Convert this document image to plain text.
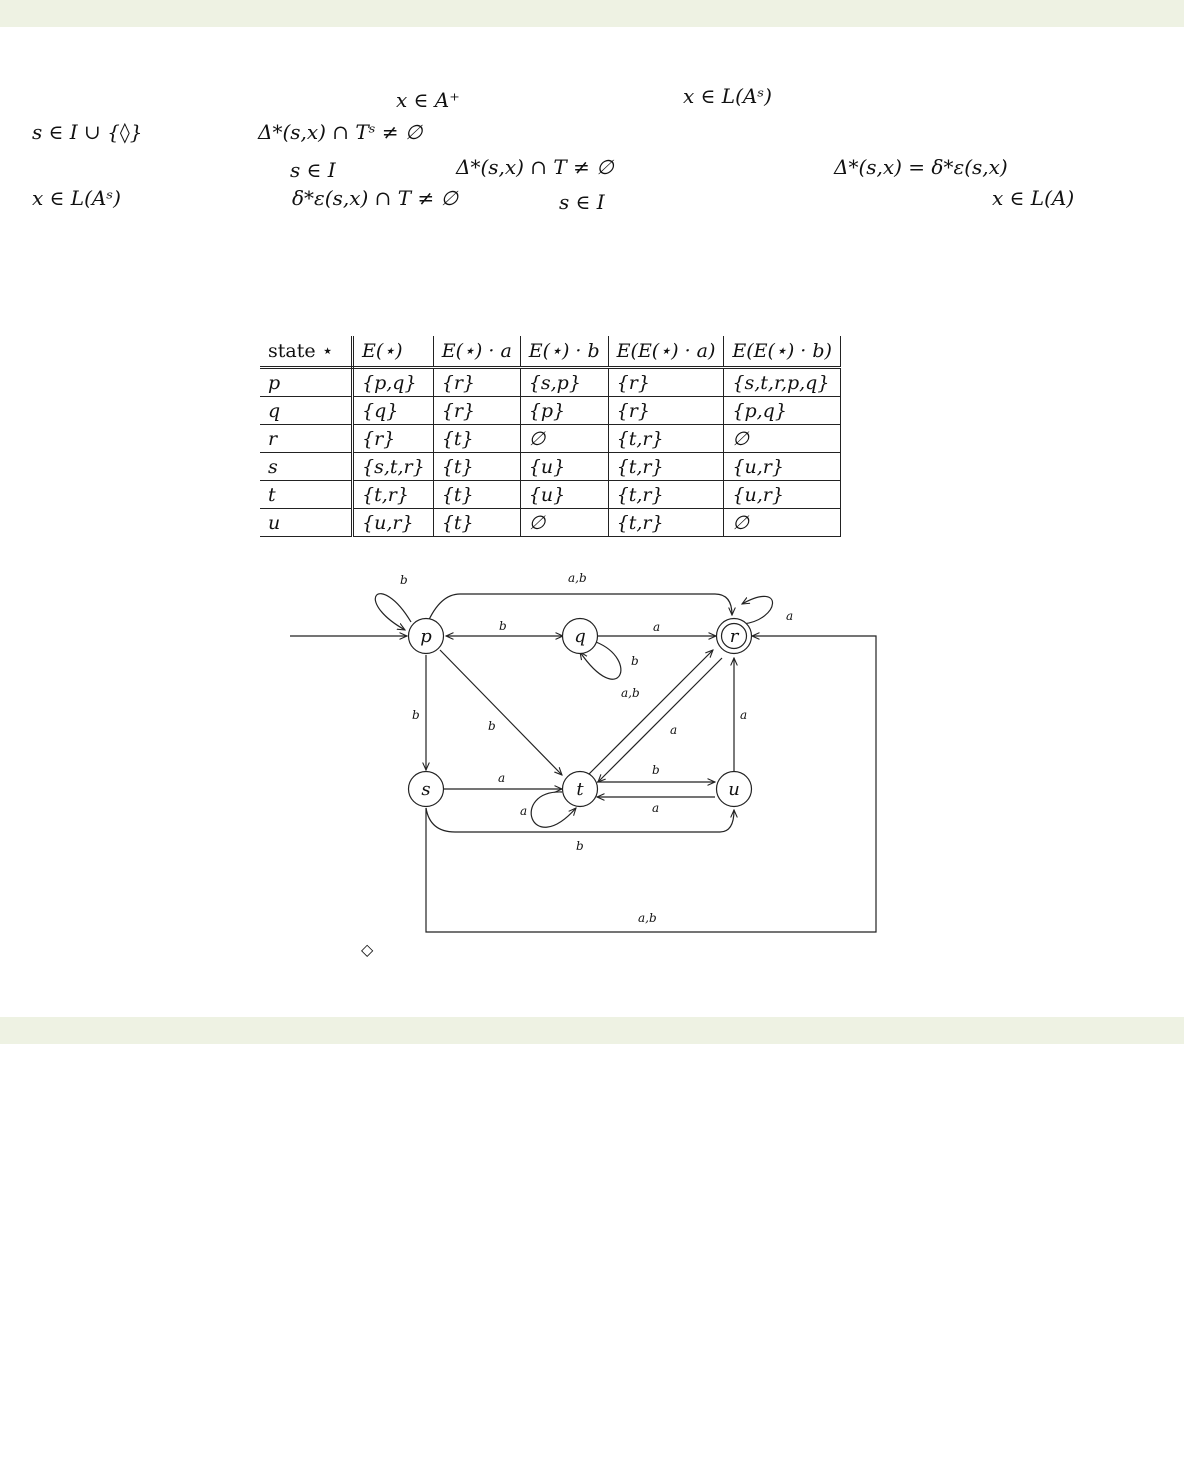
x ∈ A⁺	x ∈ L(Aˢ)
s ∈ I ∪ {◊}	Δ*(s,x) ∩ Tˢ ≠ ∅
s ∈ I	Δ*(s,x) ∩ T ≠ ∅	Δ*(s,x) = δ*ε(s,x)
x ∈ L(Aˢ)	δ*ε(s,x) ∩ T ≠ ∅	s ∈ I	x ∈ L(A)
state ⋆	E(⋆)	E(⋆) · a	E(⋆) · b	E(E(⋆) · a)	E(E(⋆) · b)
p	{p,q}	{r}	{s,p}	{r}	{s,t,r,p,q}
q	{q}	{r}	{p}	{r}	{p,q}
r	{r}	{t}	∅	{t,r}	∅
s	{s,t,r}	{t}	{u}	{t,r}	{u,r}
t	{t,r}	{t}	{u}	{t,r}	{u,r}
u	{u,r}	{t}	∅	{t,r}	∅
p	q	r
s	t	u
b	a,b
a
b	a
b
a,b
a
b
b
a
a
b
a
a
b
a,b
◇
